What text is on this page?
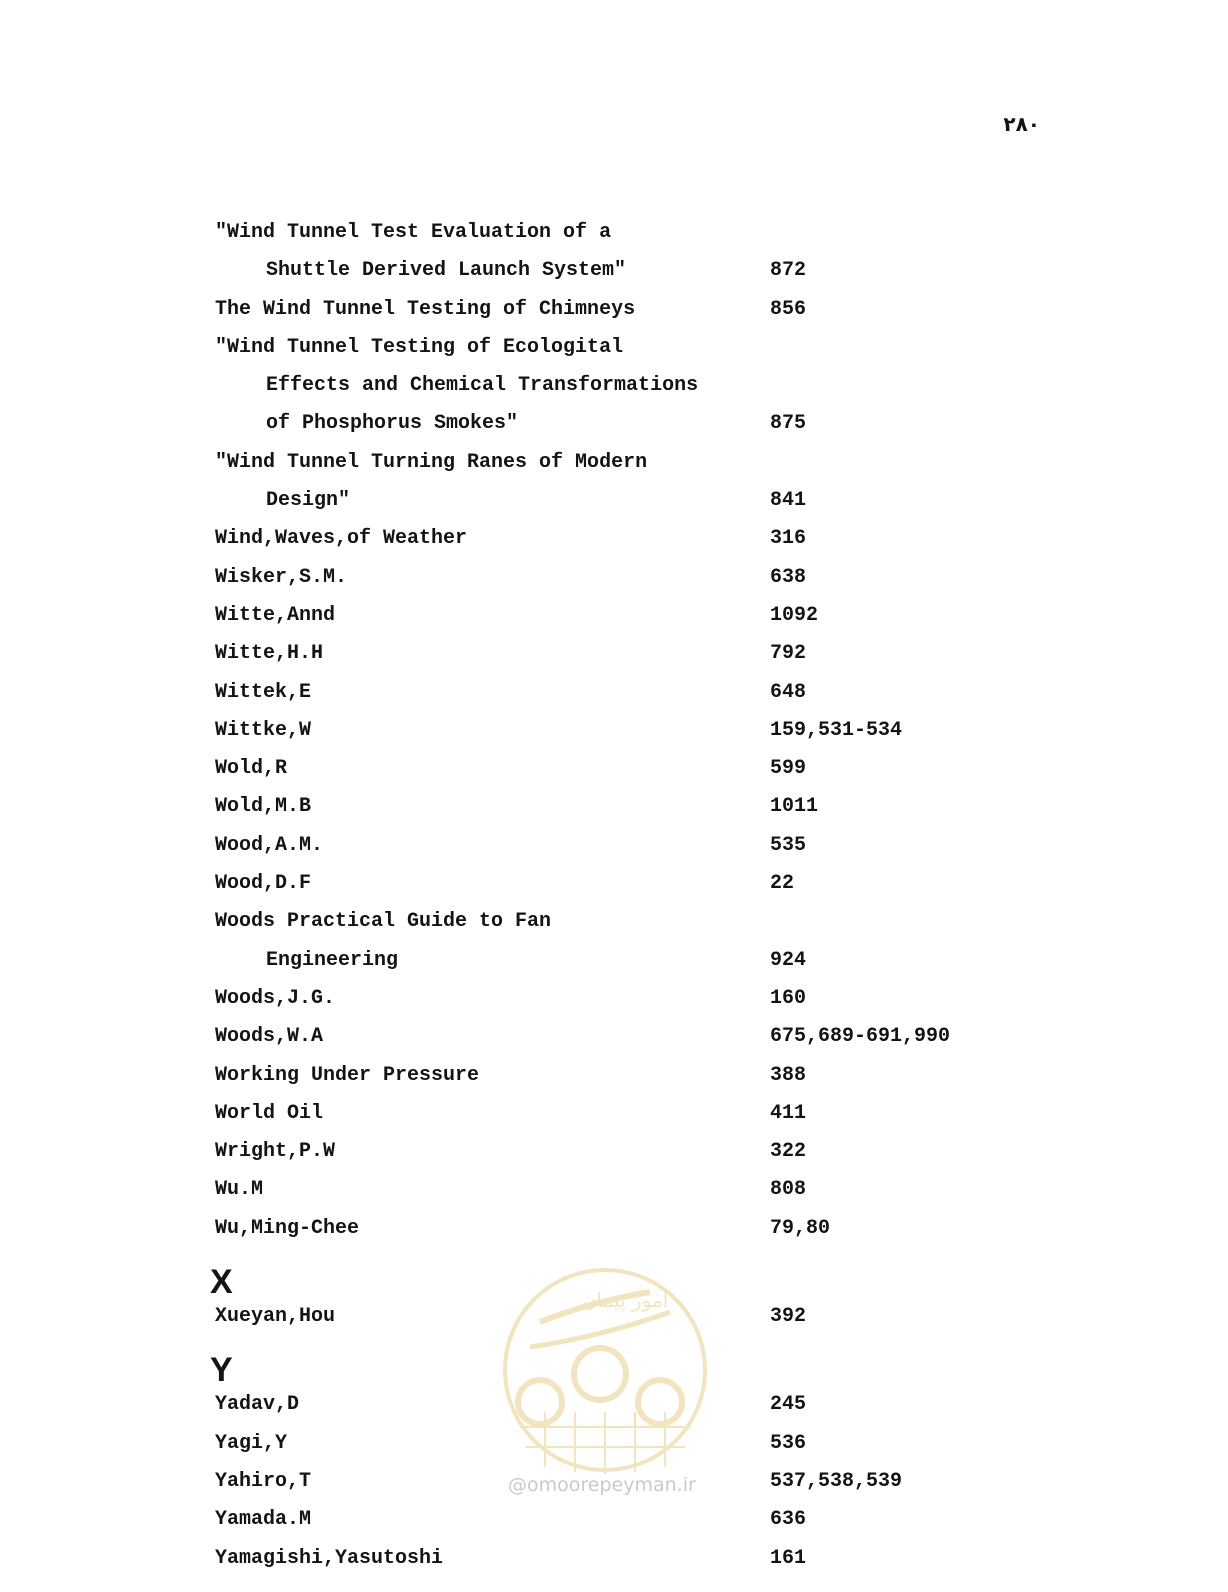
۲۸۰
"Wind Tunnel Test Evaluation of a
Shuttle Derived Launch System"	872
The Wind Tunnel Testing of Chimneys	856
"Wind Tunnel Testing of Ecologital
Effects and Chemical Transformations
of Phosphorus Smokes"	875
"Wind Tunnel Turning Ranes of Modern
Design"	841
Wind,Waves,of Weather	316
Wisker,S.M.	638
Witte,Annd	1092
Witte,H.H	792
Wittek,E	648
Wittke,W	159,531-534
Wold,R	599
Wold,M.B	1011
Wood,A.M.	535
Wood,D.F	22
Woods Practical Guide to Fan
Engineering	924
Woods,J.G.	160
Woods,W.A	675,689-691,990
Working Under Pressure	388
World Oil	411
Wright,P.W	322
Wu.M	808
Wu,Ming-Chee	79,80
X
Xueyan,Hou	392
Y
Yadav,D	245
Yagi,Y	536
Yahiro,T	537,538,539
Yamada.M	636
Yamagishi,Yasutoshi	161
امور پیمان
@omoorepeyman.ir
